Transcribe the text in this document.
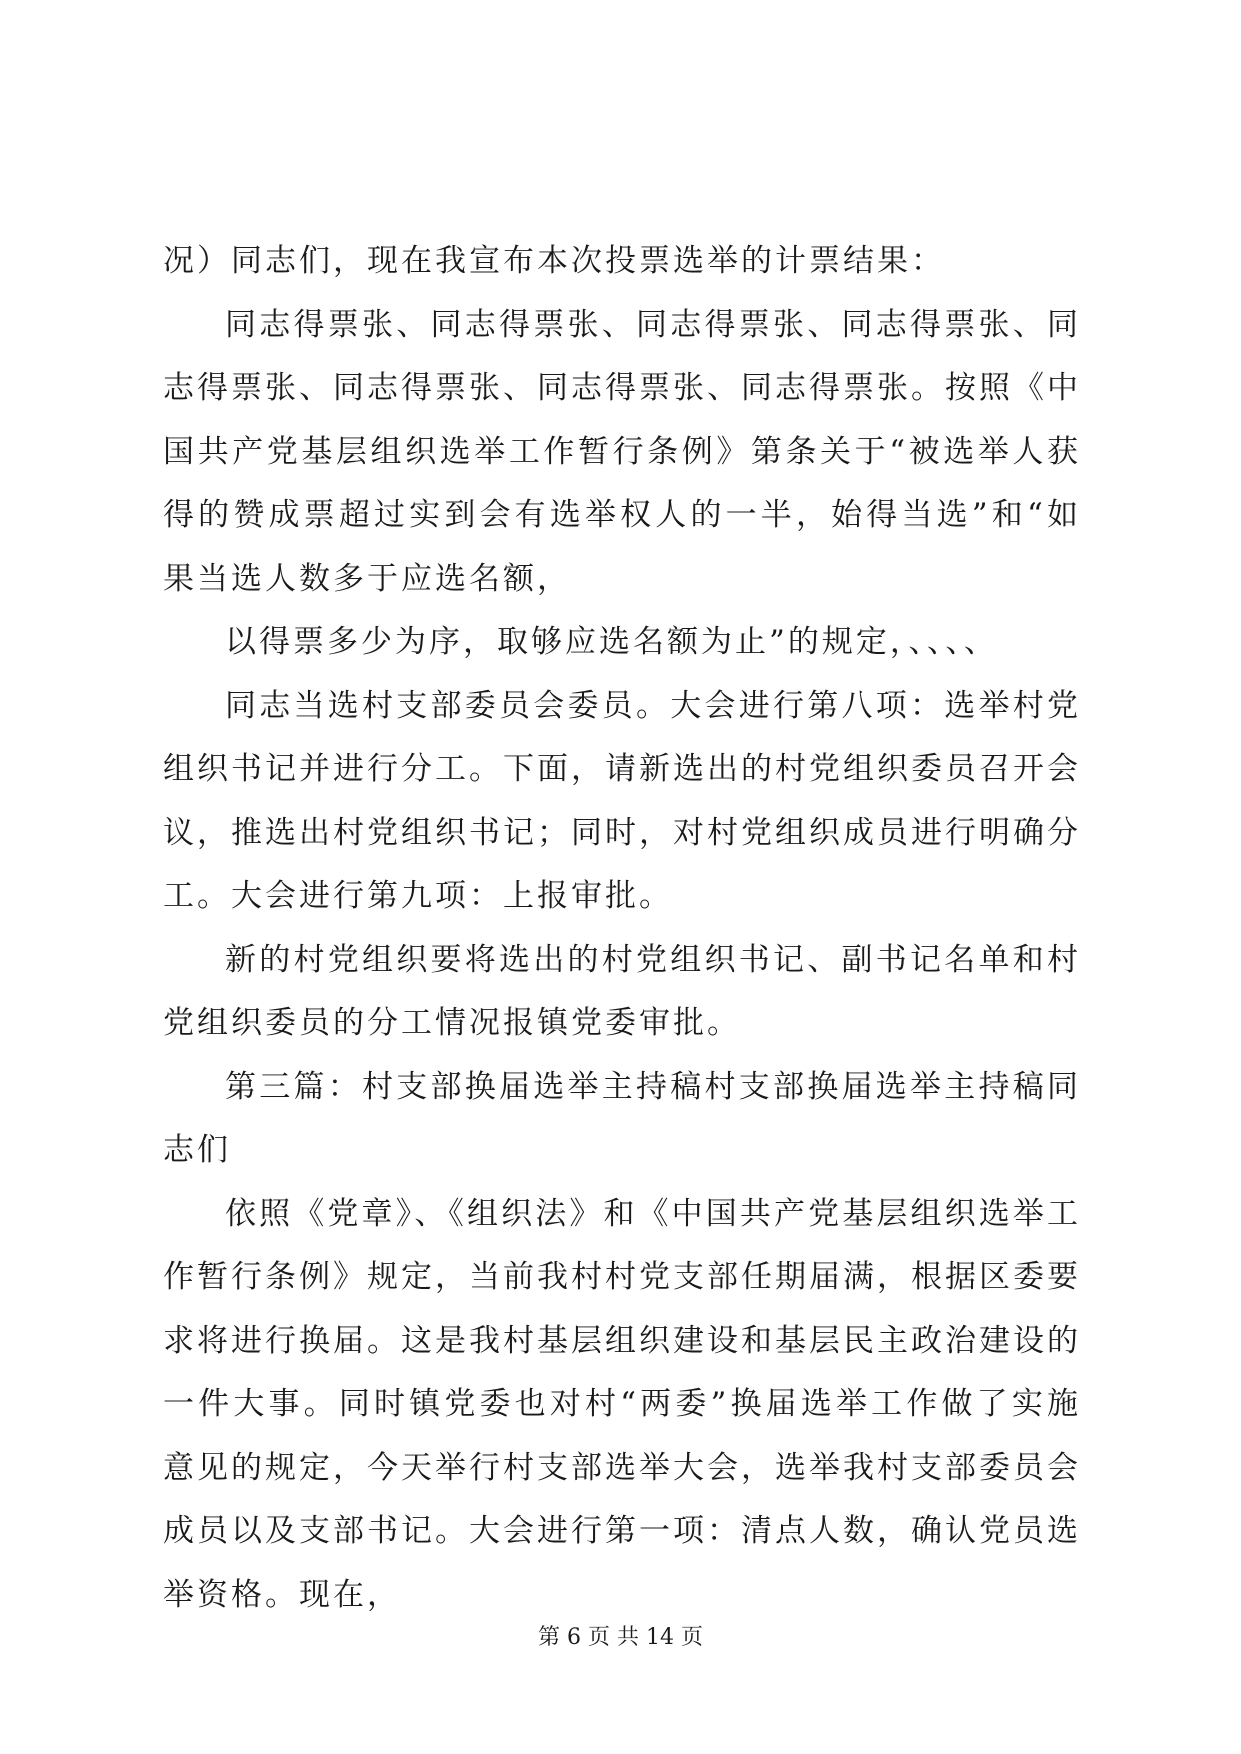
况）同志们，现在我宣布本次投票选举的计票结果：

同志得票张、同志得票张、同志得票张、同志得票张、同志得票张、同志得票张、同志得票张、同志得票张。按照《中国共产党基层组织选举工作暂行条例》第条关于“被选举人获得的赞成票超过实到会有选举权人的一半，始得当选”和“如果当选人数多于应选名额，

以得票多少为序，取够应选名额为止”的规定，、、、、

同志当选村支部委员会委员。大会进行第八项：选举村党组织书记并进行分工。下面，请新选出的村党组织委员召开会议，推选出村党组织书记；同时，对村党组织成员进行明确分工。大会进行第九项：上报审批。

新的村党组织要将选出的村党组织书记、副书记名单和村党组织委员的分工情况报镇党委审批。

第三篇：村支部换届选举主持稿村支部换届选举主持稿同志们

依照《党章》、《组织法》和《中国共产党基层组织选举工作暂行条例》规定，当前我村村党支部任期届满，根据区委要求将进行换届。这是我村基层组织建设和基层民主政治建设的一件大事。同时镇党委也对村“两委”换届选举工作做了实施意见的规定，今天举行村支部选举大会，选举我村支部委员会成员以及支部书记。大会进行第一项：清点人数，确认党员选举资格。现在，

第 6 页 共 14 页
